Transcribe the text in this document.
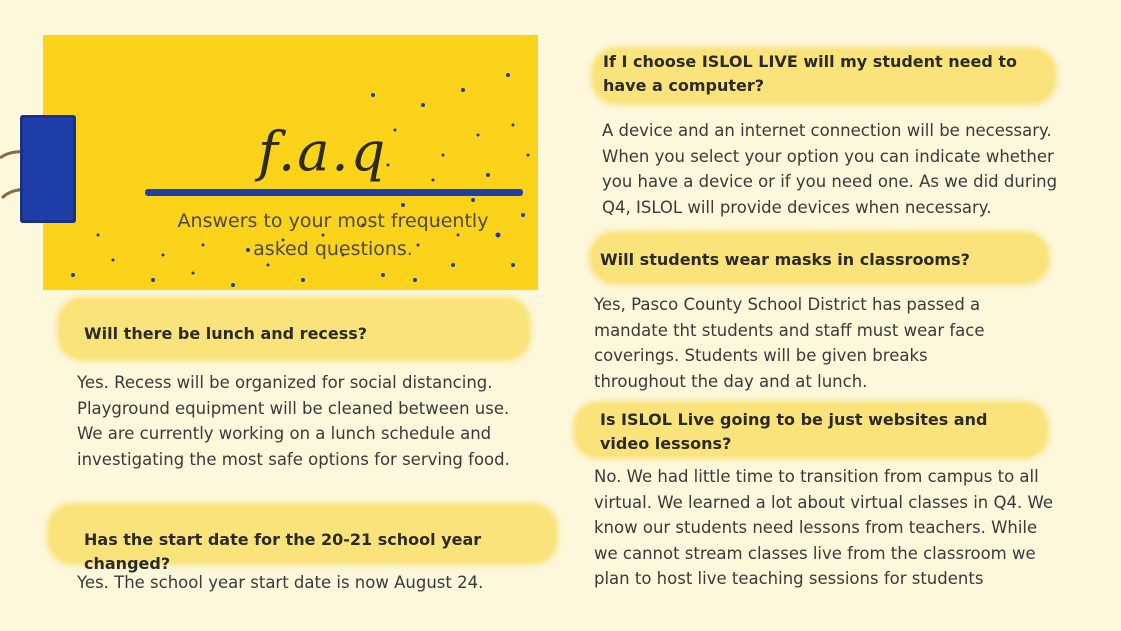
f.a.q
Answers to your most frequently asked questions.
If I choose ISLOL LIVE will my student need to have a computer?
A device and an internet connection will be necessary. When you select your option you can indicate whether you have a device or if you need one. As we did during Q4, ISLOL will provide devices when necessary.
Will students wear masks in classrooms?
Yes, Pasco County School District has passed a mandate tht students and staff must wear face coverings. Students will be given breaks throughout the day and at lunch.
Is ISLOL Live going to be just websites and video lessons?
No. We had little time to transition from campus to all virtual. We learned a lot about virtual classes in Q4. We know our students need lessons from teachers. While we cannot stream classes live from the classroom we plan to host live teaching sessions for students
Will there be lunch and recess?
Yes. Recess will be organized for social distancing. Playground equipment will be cleaned between use. We are currently working on a lunch schedule and investigating the most safe options for serving food.
Has the start date for the 20-21 school year changed?
Yes. The school year start date is now August 24.
